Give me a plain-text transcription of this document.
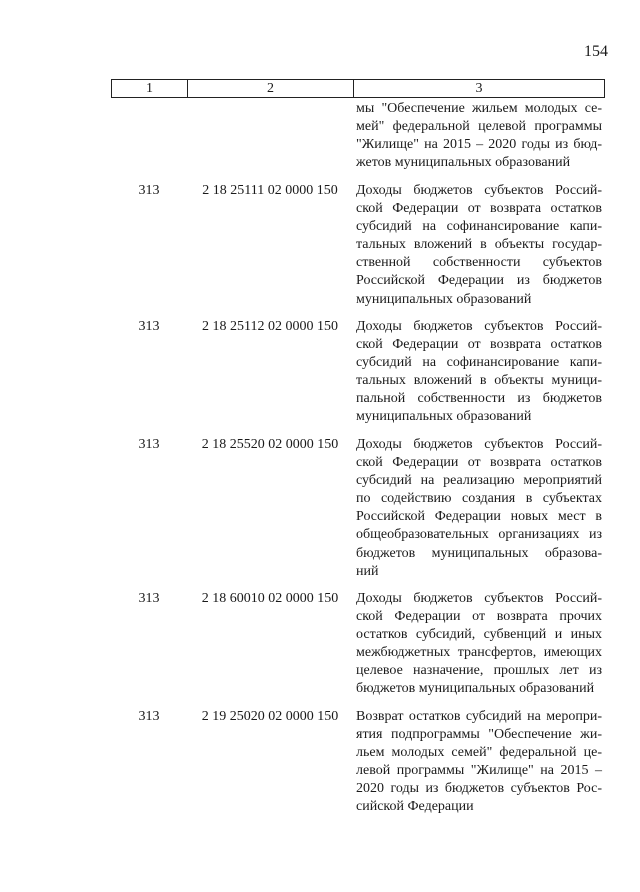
154
1	2	3
мы "Обеспечение жильем молодых се-
мей" федеральной целевой программы
"Жилище" на 2015 – 2020 годы из бюд-
жетов муниципальных образований
313	2 18 25111 02 0000 150	Доходы бюджетов субъектов Россий-
ской Федерации от возврата остатков
субсидий на софинансирование капи-
тальных вложений в объекты государ-
ственной собственности субъектов
Российской Федерации из бюджетов
муниципальных образований
313	2 18 25112 02 0000 150	Доходы бюджетов субъектов Россий-
ской Федерации от возврата остатков
субсидий на софинансирование капи-
тальных вложений в объекты муници-
пальной собственности из бюджетов
муниципальных образований
313	2 18 25520 02 0000 150	Доходы бюджетов субъектов Россий-
ской Федерации от возврата остатков
субсидий на реализацию мероприятий
по содействию создания в субъектах
Российской Федерации новых мест в
общеобразовательных организациях из
бюджетов муниципальных образова-
ний
313	2 18 60010 02 0000 150	Доходы бюджетов субъектов Россий-
ской Федерации от возврата прочих
остатков субсидий, субвенций и иных
межбюджетных трансфертов, имеющих
целевое назначение, прошлых лет из
бюджетов муниципальных образований
313	2 19 25020 02 0000 150	Возврат остатков субсидий на меропри-
ятия подпрограммы "Обеспечение жи-
льем молодых семей" федеральной це-
левой программы "Жилище" на 2015 –
2020 годы из бюджетов субъектов Рос-
сийской Федерации
